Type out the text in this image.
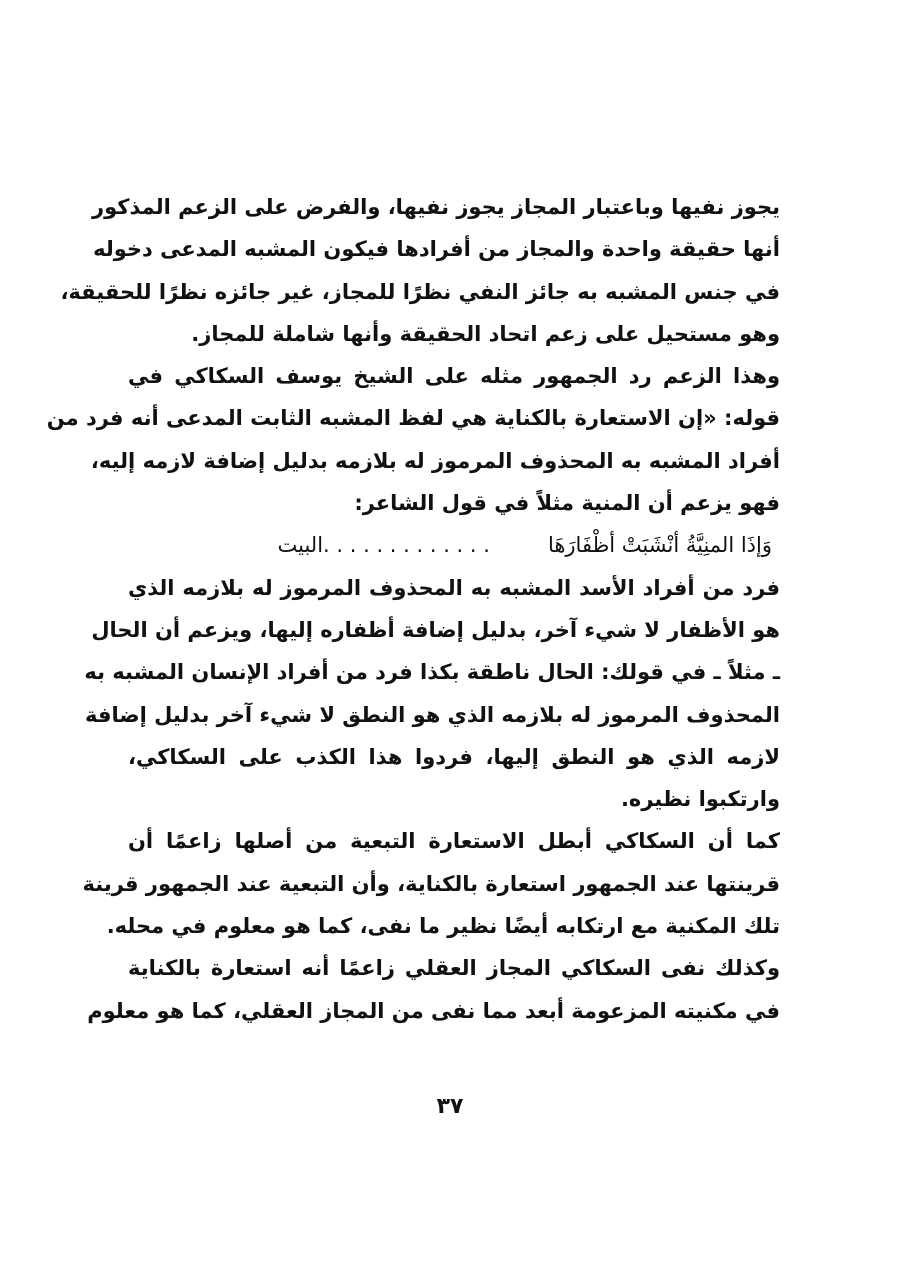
يجوز نفيها وباعتبار المجاز يجوز نفيها، والفرض على الزعم المذكور
أنها حقيقة واحدة والمجاز من أفرادها فيكون المشبه المدعى دخوله
في جنس المشبه به جائز النفي نظرًا للمجاز، غير جائزه نظرًا للحقيقة،
وهو مستحيل على زعم اتحاد الحقيقة وأنها شاملة للمجاز.
وهذا الزعم رد الجمهور مثله على الشيخ يوسف السكاكي في
قوله: «إن الاستعارة بالكناية هي لفظ المشبه الثابت المدعى أنه فرد من
أفراد المشبه به المحذوف المرموز له بلازمه بدليل إضافة لازمه إليه،
فهو يزعم أن المنية مثلاً في قول الشاعر:
وَإذَا المنِيَّةُ أنْشَبَتْ أظْفَارَهَا
. . . . . . . . . . . . .البيت
فرد من أفراد الأسد المشبه به المحذوف المرموز له بلازمه الذي
هو الأظفار لا شيء آخر، بدليل إضافة أظفاره إليها، ويزعم أن الحال
ـ مثلاً ـ في قولك: الحال ناطقة بكذا فرد من أفراد الإنسان المشبه به
المحذوف المرموز له بلازمه الذي هو النطق لا شيء آخر بدليل إضافة
لازمه الذي هو النطق إليها، فردوا هذا الكذب على السكاكي،
وارتكبوا نظيره.
كما أن السكاكي أبطل الاستعارة التبعية من أصلها زاعمًا أن
قرينتها عند الجمهور استعارة بالكناية، وأن التبعية عند الجمهور قرينة
تلك المكنية مع ارتكابه أيضًا نظير ما نفى، كما هو معلوم في محله.
وكذلك نفى السكاكي المجاز العقلي زاعمًا أنه استعارة بالكناية
في مكنيته المزعومة أبعد مما نفى من المجاز العقلي، كما هو معلوم
٣٧
